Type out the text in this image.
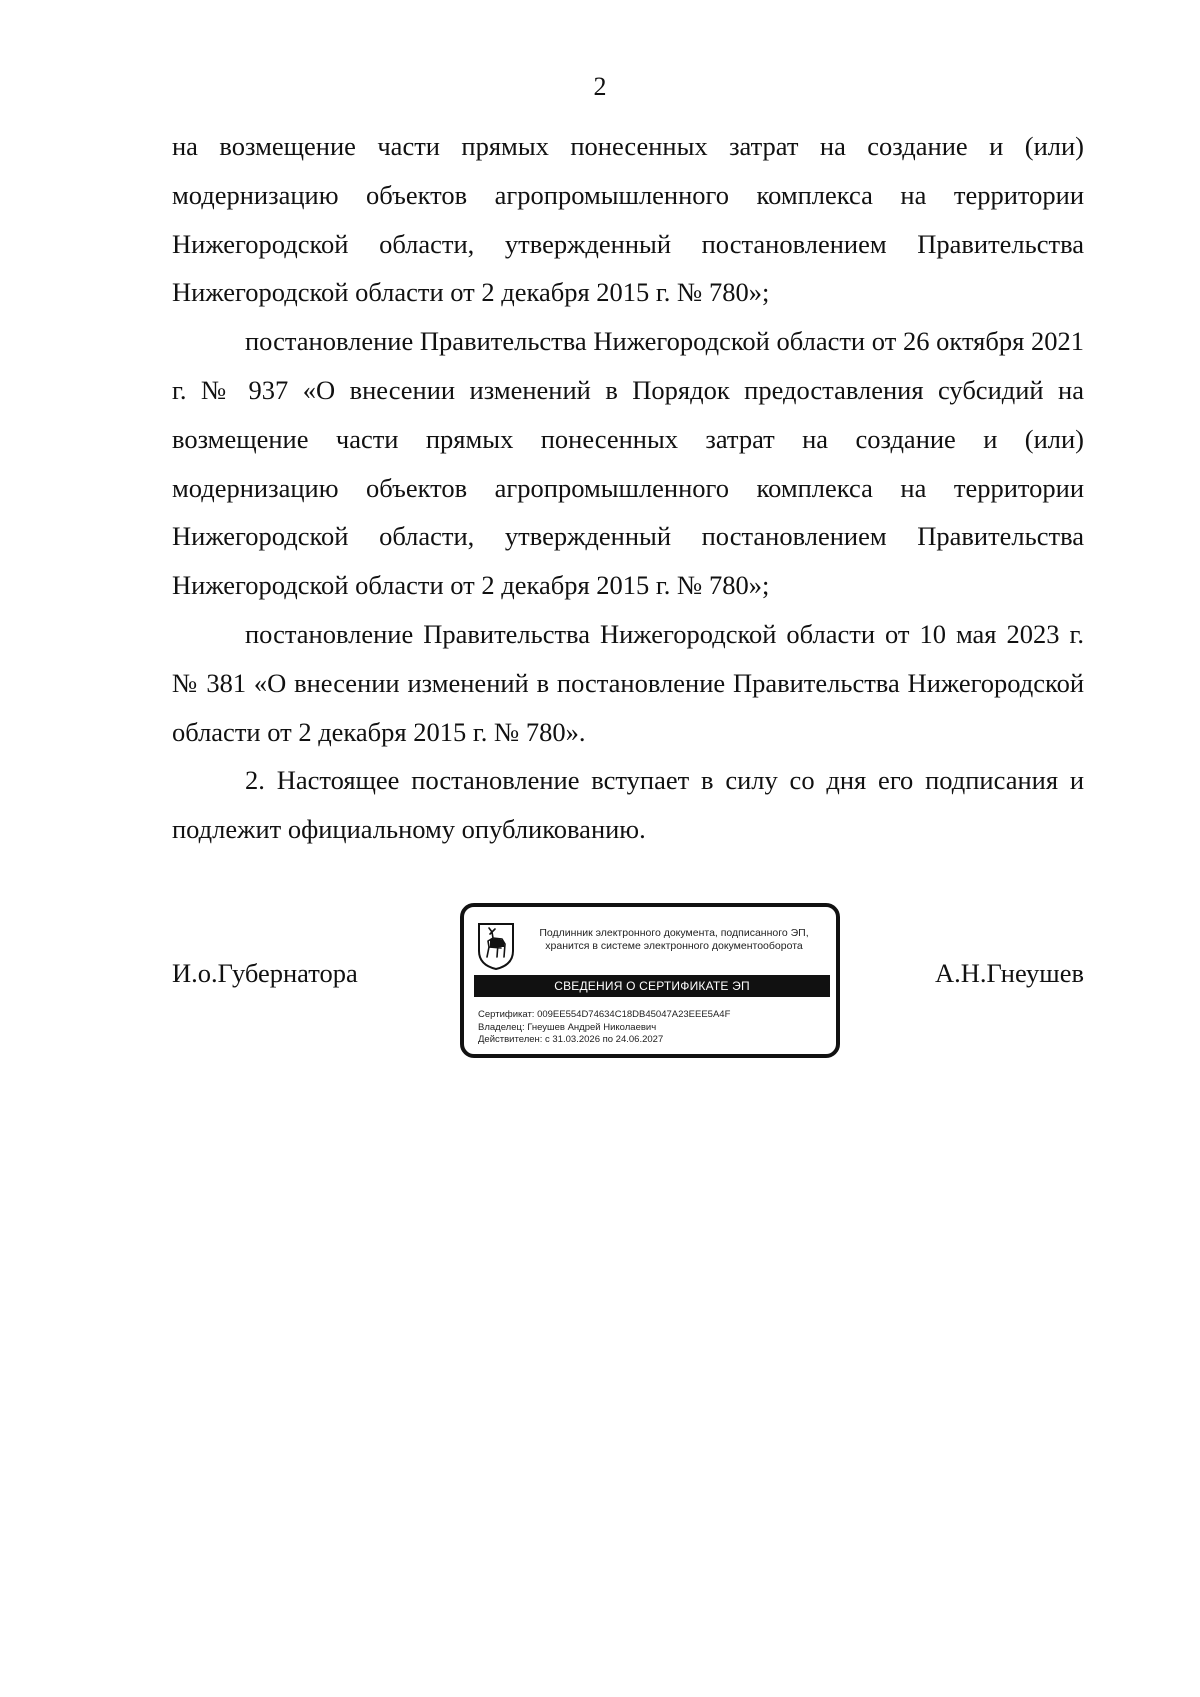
2

на возмещение части прямых понесенных затрат на создание и (или) модернизацию объектов агропромышленного комплекса на территории Нижегородской области, утвержденный постановлением Правительства Нижегородской области от 2 декабря 2015 г. № 780»;

постановление Правительства Нижегородской области от 26 октября 2021 г. № 937 «О внесении изменений в Порядок предоставления субсидий на возмещение части прямых понесенных затрат на создание и (или) модернизацию объектов агропромышленного комплекса на территории Нижегородской области, утвержденный постановлением Правительства Нижегородской области от 2 декабря 2015 г. № 780»;

постановление Правительства Нижегородской области от 10 мая 2023 г. № 381 «О внесении изменений в постановление Правительства Нижегородской области от 2 декабря 2015 г. № 780».

2. Настоящее постановление вступает в силу со дня его подписания и подлежит официальному опубликованию.

И.о.Губернатора
Подлинник электронного документа, подписанного ЭП,
хранится в системе электронного документооборота
СВЕДЕНИЯ О СЕРТИФИКАТЕ ЭП
Сертификат: 009EE554D74634C18DB45047A23EEE5A4F
Владелец: Гнеушев Андрей Николаевич
Действителен: с 31.03.2026 по 24.06.2027
А.Н.Гнеушев
